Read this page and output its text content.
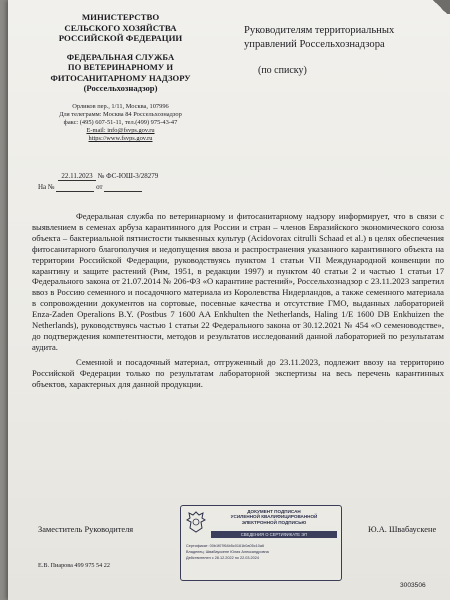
МИНИСТЕРСТВО
СЕЛЬСКОГО ХОЗЯЙСТВА
РОССИЙСКОЙ ФЕДЕРАЦИИ
ФЕДЕРАЛЬНАЯ СЛУЖБА
ПО ВЕТЕРИНАРНОМУ И
ФИТОСАНИТАРНОМУ НАДЗОРУ
(Россельхознадзор)
Орликов пер., 1/11, Москва, 107996
Для телеграмм: Москва 84 Россельхознадзор
факс: (495) 607-51-11, тел.(499) 975-43-47
E-mail: info@fsvps.gov.ru
https://www.fsvps.gov.ru
22.11.2023 № ФС-ЮШ-3/28279
На №	от
Руководителям территориальных
управлений Россельхознадзора
(по списку)

Федеральная служба по ветеринарному и фитосанитарному надзору информирует, что в связи с выявлением в семенах арбуза карантинного для России и стран – членов Евразийского экономического союза объекта – бактериальной пятнистости тыквенных культур (Acidovorax citrulli Schaad et al.) в целях обеспечения фитосанитарного благополучия и недопущения ввоза и распространения указанного карантинного объекта на территории Российской Федерации, руководствуясь пунктом 1 статьи VII Международной конвенции по карантину и защите растений (Рим, 1951, в редакции 1997) и пунктом 40 статьи 2 и частью 1 статьи 17 Федерального закона от 21.07.2014 № 206-ФЗ «О карантине растений», Россельхознадзор с 23.11.2023 запретил ввоз в Россию семенного и посадочного материала из Королевства Нидерландов, а также семенного материала в сопровождении документов на сортовые, посевные качества и отсутствие ГМО, выданных лабораторией Enza-Zaden Operalions B.Y. (Postbus 7 1600 AA Enkhulten the Netherlands, Haling 1/E 1600 DB Enkhuizen the Netherlands), руководствуясь частью 1 статьи 22 Федерального закона от 30.12.2021 № 454 «О семеноводстве», до подтверждения компетентности, методов и результатов исследований данной лабораторией по результатам аудита.

Семенной и посадочный материал, отгруженный до 23.11.2023, подлежит ввозу на территорию Российской Федерации только по результатам лабораторной экспертизы на весь перечень карантинных объектов, характерных для данной продукции.

Заместитель Руководителя
ДОКУМЕНТ ПОДПИСАН
УСИЛЕННОЙ КВАЛИФИЦИРОВАННОЙ
ЭЛЕКТРОННОЙ ПОДПИСЬЮ
СВЕДЕНИЯ О СЕРТИФИКАТЕ ЭП
Сертификат: 00b1f07f64b5c0161b0a05c10a6
Владелец: Швабаускене Юлия Александровна
Действителен с 28.12.2022 по 22.03.2024
Ю.А. Швабаускене
Е.В. Пиарова 499 975 54 22
3003506
